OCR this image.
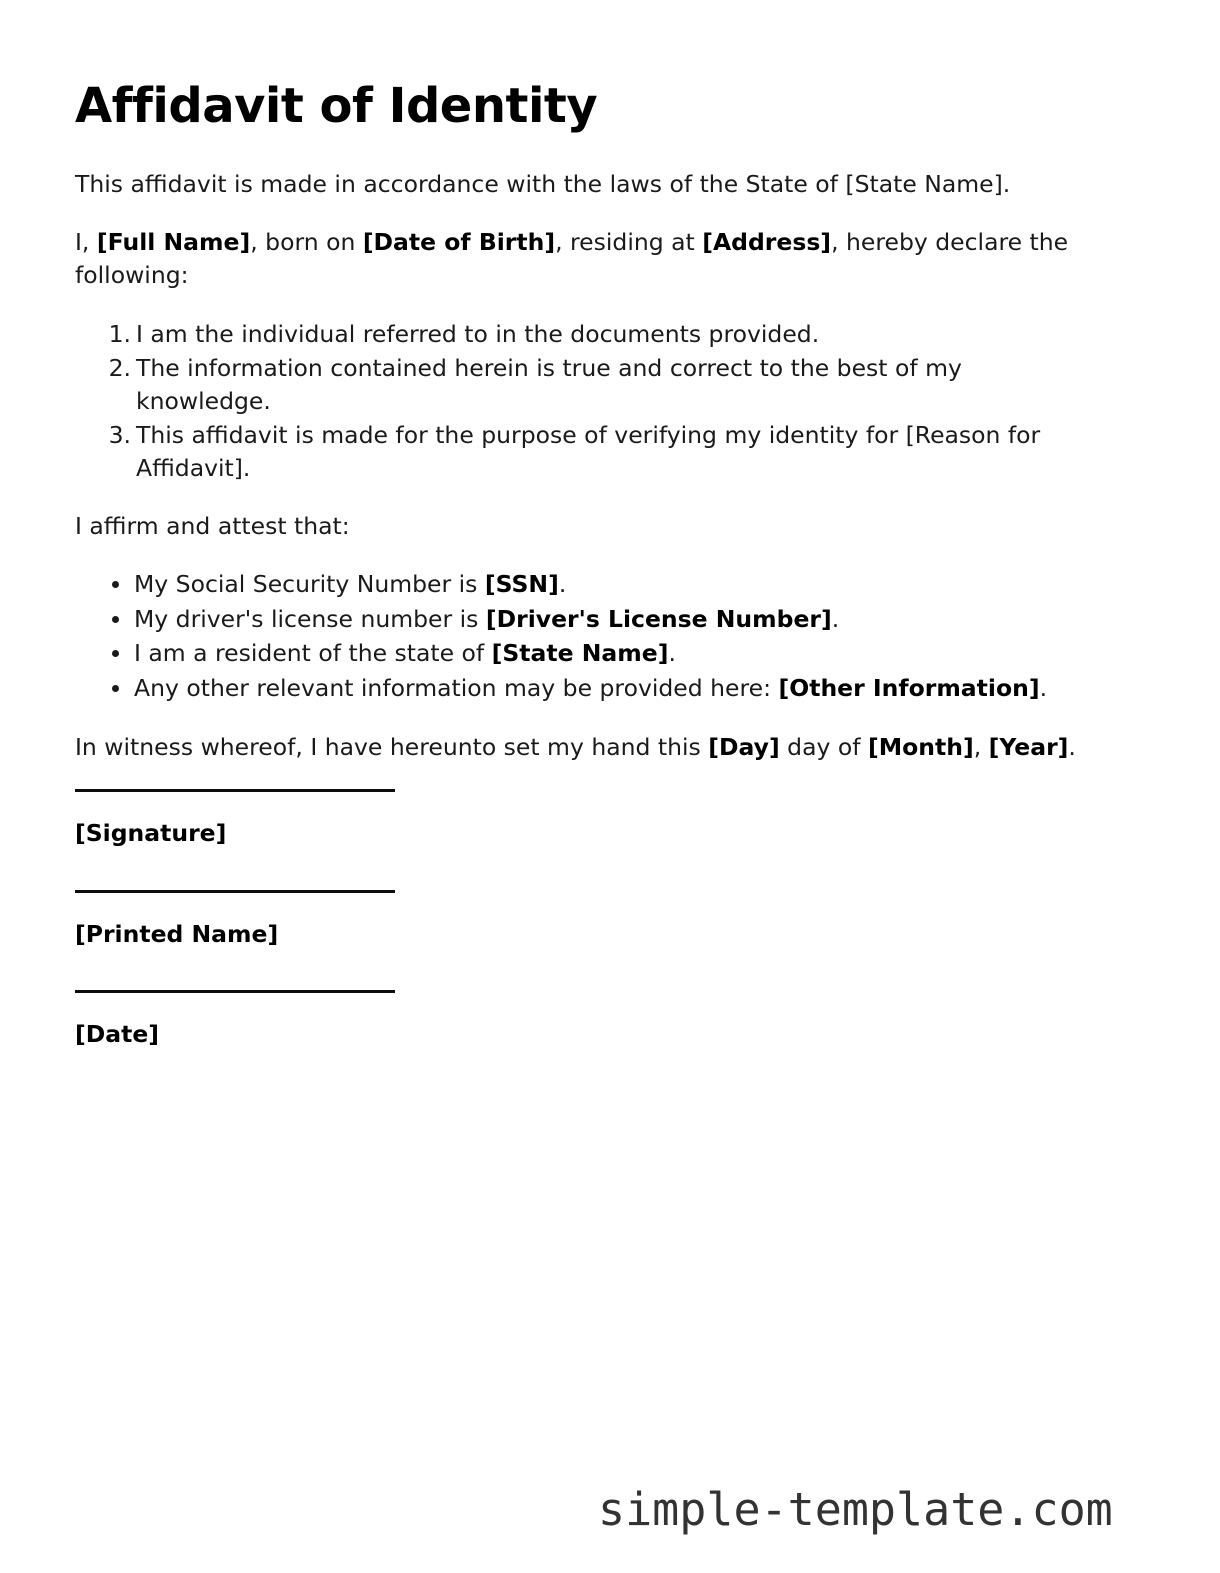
Affidavit of Identity

This affidavit is made in accordance with the laws of the State of [State Name].

I, [Full Name], born on [Date of Birth], residing at [Address], hereby declare the following:

I am the individual referred to in the documents provided.
The information contained herein is true and correct to the best of my knowledge.
This affidavit is made for the purpose of verifying my identity for [Reason for Affidavit].

I affirm and attest that:

My Social Security Number is [SSN].
My driver's license number is [Driver's License Number].
I am a resident of the state of [State Name].
Any other relevant information may be provided here: [Other Information].

In witness whereof, I have hereunto set my hand this [Day] day of [Month], [Year].

[Signature]
[Printed Name]
[Date]
simple-template.com
